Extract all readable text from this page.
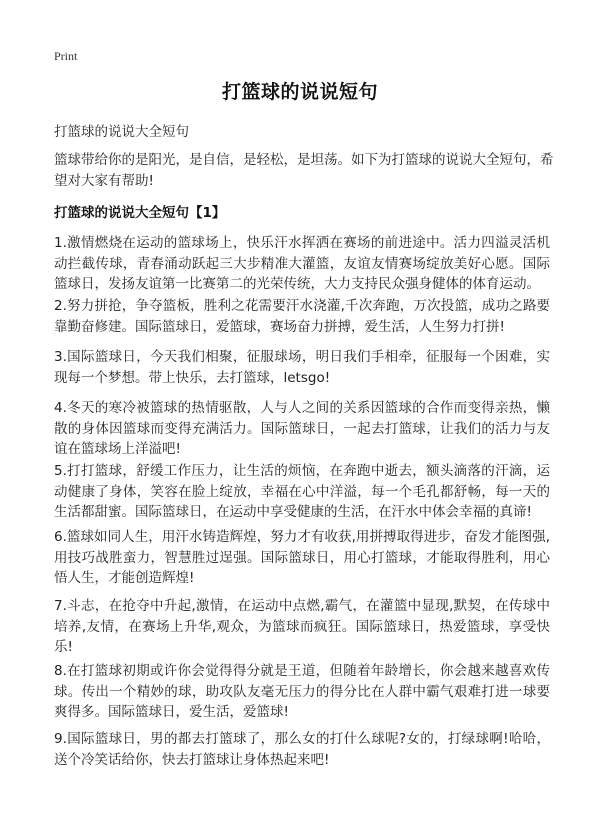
Print
打篮球的说说短句
打篮球的说说大全短句
篮球带给你的是阳光，是自信，是轻松，是坦荡。如下为打篮球的说说大全短句，希望对大家有帮助!
打篮球的说说大全短句【1】
1.激情燃烧在运动的篮球场上，快乐汗水挥洒在赛场的前进途中。活力四溢灵活机动拦截传球，青春涌动跃起三大步精准大灌篮，友谊友情赛场绽放美好心愿。国际篮球日，发扬友谊第一比赛第二的光荣传统，大力支持民众强身健体的体育运动。
2.努力拼抢，争夺篮板，胜利之花需要汗水浇灌,千次奔跑，万次投篮，成功之路要靠勤奋修建。国际篮球日，爱篮球，赛场奋力拼搏，爱生活，人生努力打拼!
3.国际篮球日，今天我们相聚，征服球场，明日我们手相牵，征服每一个困难，实现每一个梦想。带上快乐，去打篮球，letsgo!
4.冬天的寒冷被篮球的热情驱散，人与人之间的关系因篮球的合作而变得亲热，懒散的身体因篮球而变得充满活力。国际篮球日，一起去打篮球，让我们的活力与友谊在篮球场上洋溢吧!
5.打打篮球，舒缓工作压力，让生活的烦恼，在奔跑中逝去，额头滴落的汗滴，运动健康了身体，笑容在脸上绽放，幸福在心中洋溢，每一个毛孔都舒畅，每一天的生活都甜蜜。国际篮球日，在运动中享受健康的生活，在汗水中体会幸福的真谛!
6.篮球如同人生，用汗水铸造辉煌，努力才有收获,用拼搏取得进步，奋发才能图强,用技巧战胜蛮力，智慧胜过逞强。国际篮球日，用心打篮球，才能取得胜利，用心悟人生，才能创造辉煌!
7.斗志，在抢夺中升起,激情，在运动中点燃,霸气，在灌篮中显现,默契，在传球中培养,友情，在赛场上升华,观众，为篮球而疯狂。国际篮球日，热爱篮球，享受快乐!
8.在打篮球初期或许你会觉得得分就是王道，但随着年龄增长，你会越来越喜欢传球。传出一个精妙的球，助攻队友毫无压力的得分比在人群中霸气艰难打进一球要爽得多。国际篮球日，爱生活，爱篮球!
9.国际篮球日，男的都去打篮球了，那么女的打什么球呢?女的，打绿球啊!哈哈，送个冷笑话给你，快去打篮球让身体热起来吧!
